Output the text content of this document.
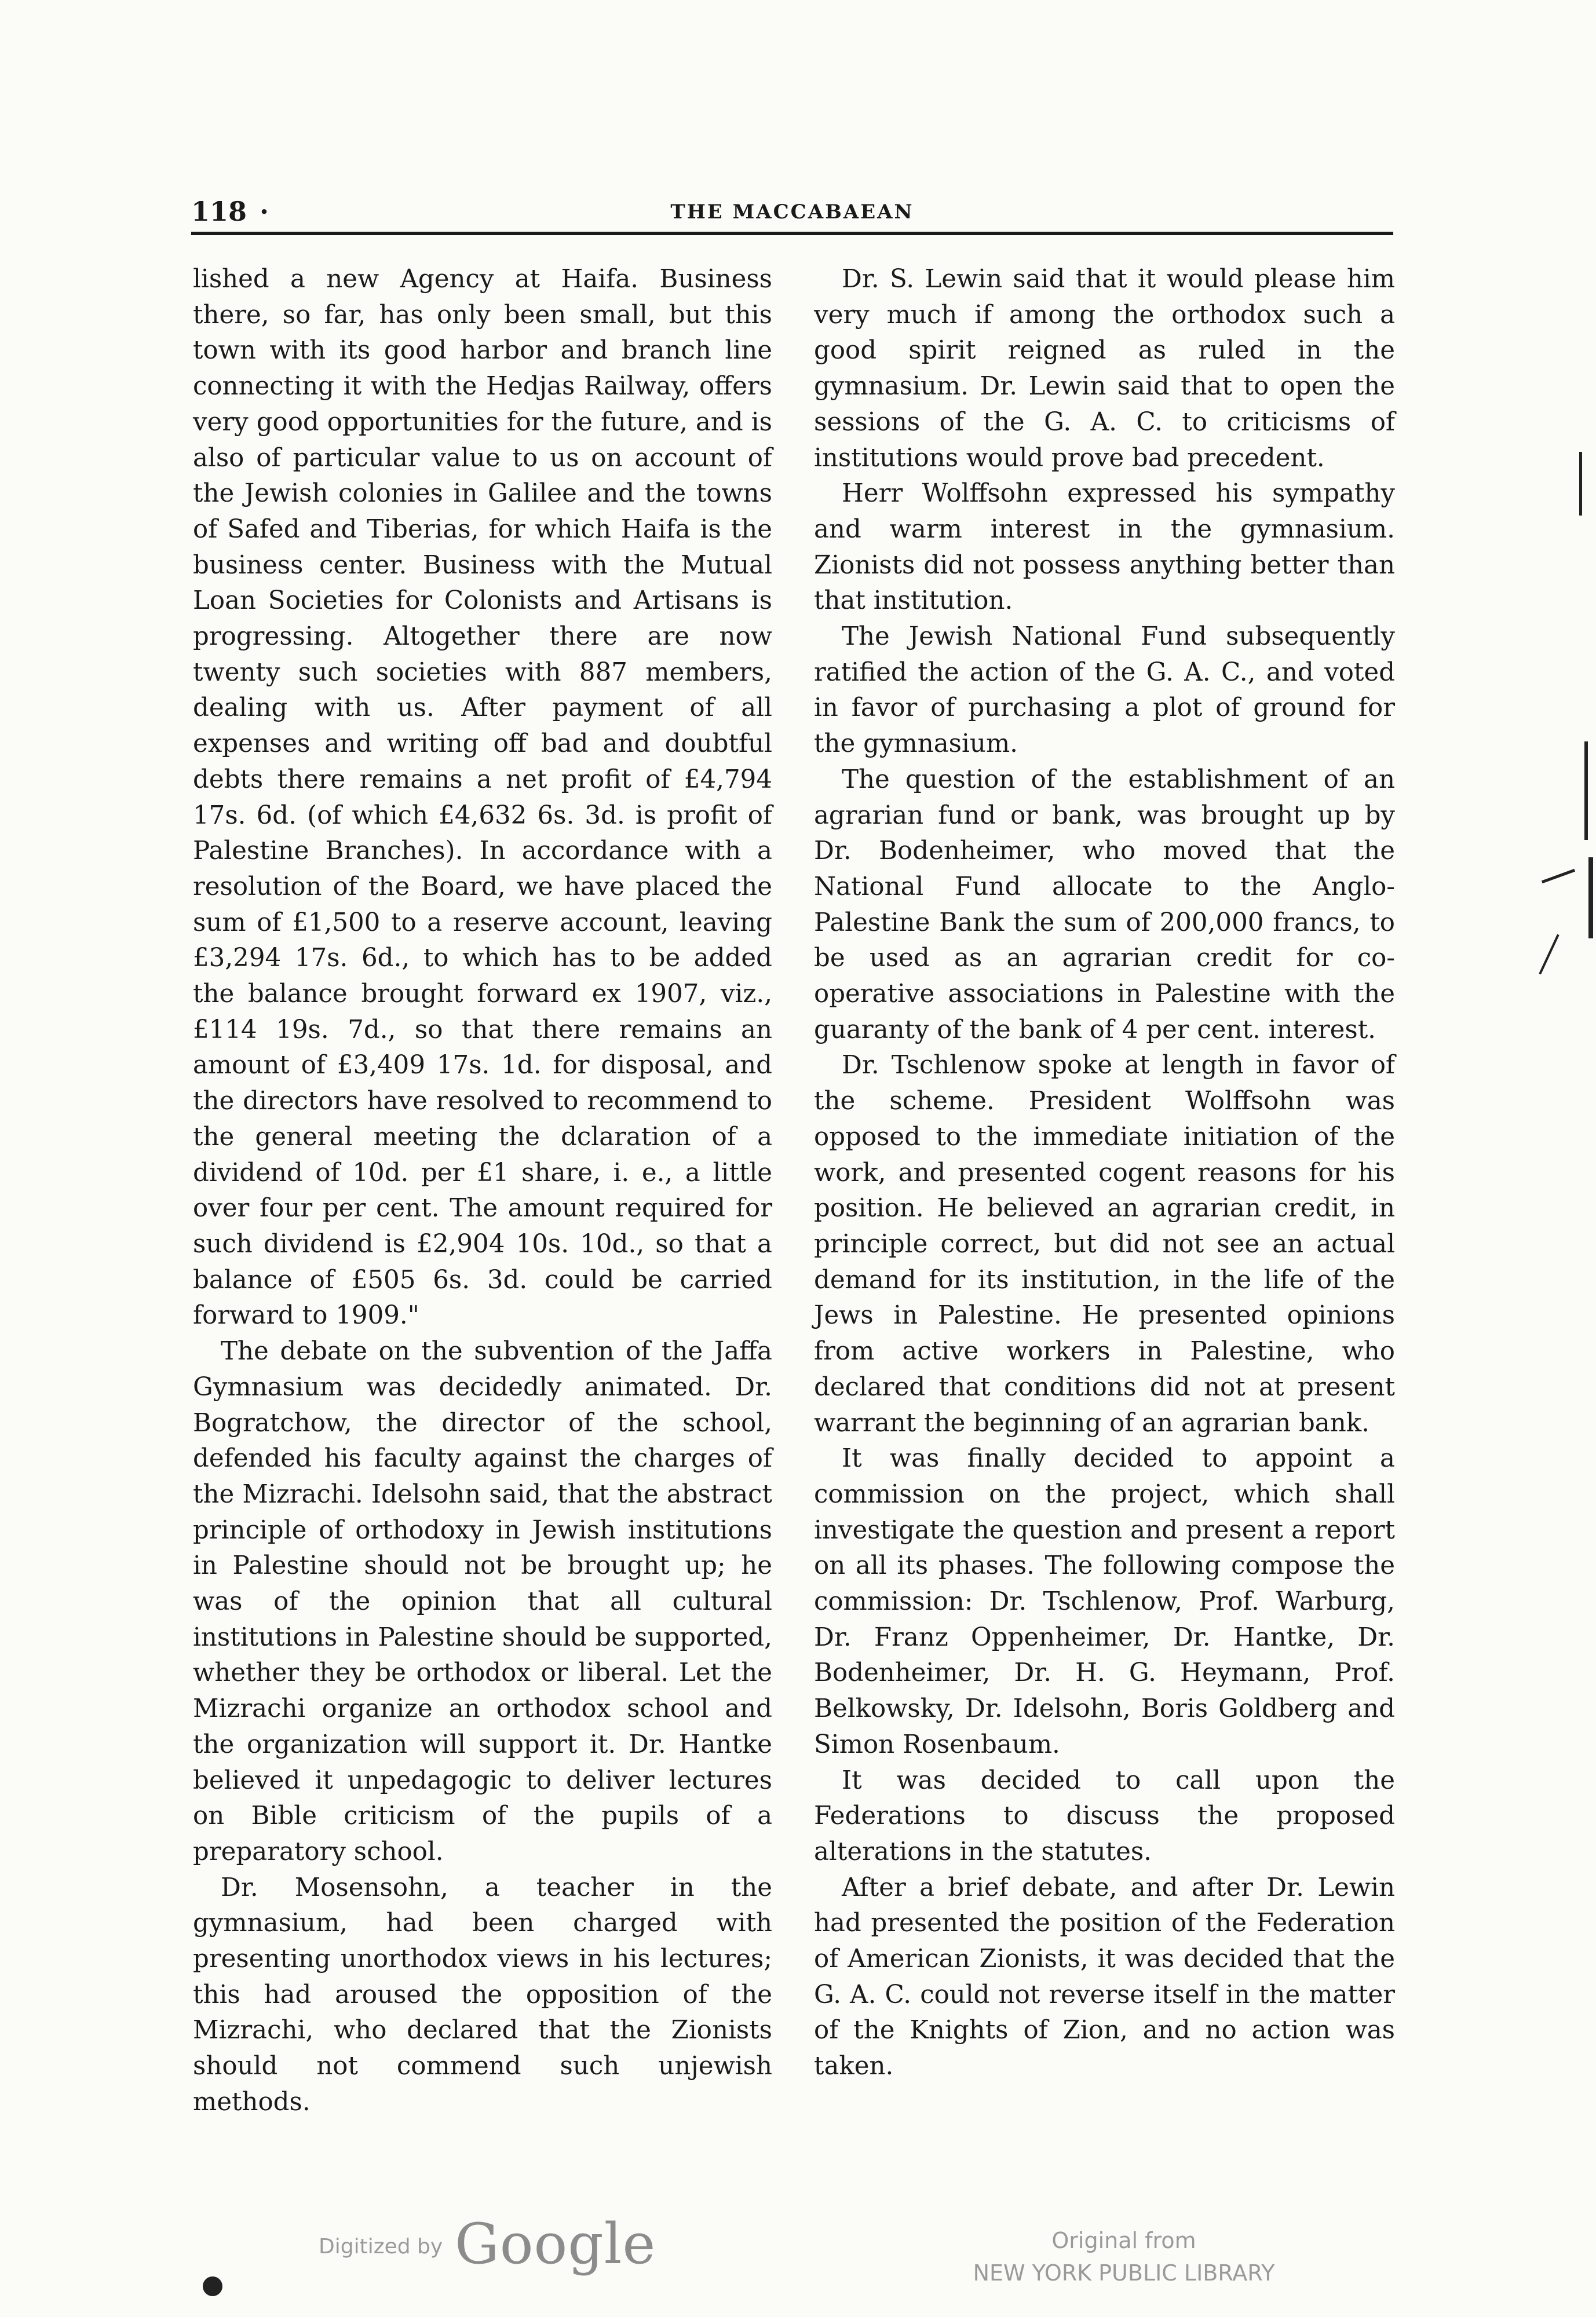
118 ·	THE MACCABAEAN

lished a new Agency at Haifa. Business there, so far, has only been small, but this town with its good harbor and branch line connecting it with the Hedjas Railway, offers very good opportunities for the future, and is also of particular value to us on account of the Jewish colonies in Galilee and the towns of Safed and Tiberias, for which Haifa is the business center. Business with the Mutual Loan Societies for Colonists and Artisans is progressing. Altogether there are now twenty such societies with 887 members, dealing with us. After payment of all expenses and writing off bad and doubtful debts there remains a net profit of £4,794 17s. 6d. (of which £4,632 6s. 3d. is profit of Palestine Branches). In accordance with a resolution of the Board, we have placed the sum of £1,500 to a reserve account, leaving £3,294 17s. 6d., to which has to be added the balance brought forward ex 1907, viz., £114 19s. 7d., so that there remains an amount of £3,409 17s. 1d. for disposal, and the directors have resolved to recommend to the general meeting the dclaration of a dividend of 10d. per £1 share, i. e., a little over four per cent. The amount required for such dividend is £2,904 10s. 10d., so that a balance of £505 6s. 3d. could be carried forward to 1909."

The debate on the subvention of the Jaffa Gymnasium was decidedly animated. Dr. Bogratchow, the director of the school, defended his faculty against the charges of the Mizrachi. Idelsohn said, that the abstract principle of orthodoxy in Jewish institutions in Palestine should not be brought up; he was of the opinion that all cultural institutions in Palestine should be supported, whether they be orthodox or liberal. Let the Mizrachi organize an orthodox school and the organization will support it. Dr. Hantke believed it unpedagogic to deliver lectures on Bible criticism of the pupils of a preparatory school.

Dr. Mosensohn, a teacher in the gymnasium, had been charged with presenting unorthodox views in his lectures; this had aroused the opposition of the Mizrachi, who declared that the Zionists should not commend such unjewish methods.

Dr. S. Lewin said that it would please him very much if among the orthodox such a good spirit reigned as ruled in the gymnasium. Dr. Lewin said that to open the sessions of the G. A. C. to criticisms of institutions would prove bad precedent.

Herr Wolffsohn expressed his sympathy and warm interest in the gymnasium. Zionists did not possess anything better than that institution.

The Jewish National Fund subsequently ratified the action of the G. A. C., and voted in favor of purchasing a plot of ground for the gymnasium.

The question of the establishment of an agrarian fund or bank, was brought up by Dr. Bodenheimer, who moved that the National Fund allocate to the Anglo-Palestine Bank the sum of 200,000 francs, to be used as an agrarian credit for co-operative associations in Palestine with the guaranty of the bank of 4 per cent. interest.

Dr. Tschlenow spoke at length in favor of the scheme. President Wolffsohn was opposed to the immediate initiation of the work, and presented cogent reasons for his position. He believed an agrarian credit, in principle correct, but did not see an actual demand for its institution, in the life of the Jews in Palestine. He presented opinions from active workers in Palestine, who declared that conditions did not at present warrant the beginning of an agrarian bank.

It was finally decided to appoint a commission on the project, which shall investigate the question and present a report on all its phases. The following compose the commission: Dr. Tschlenow, Prof. Warburg, Dr. Franz Oppenheimer, Dr. Hantke, Dr. Bodenheimer, Dr. H. G. Heymann, Prof. Belkowsky, Dr. Idelsohn, Boris Goldberg and Simon Rosenbaum.

It was decided to call upon the Federations to discuss the proposed alterations in the statutes.

After a brief debate, and after Dr. Lewin had presented the position of the Federation of American Zionists, it was decided that the G. A. C. could not reverse itself in the matter of the Knights of Zion, and no action was taken.

Digitized by Google	Original from
NEW YORK PUBLIC LIBRARY
